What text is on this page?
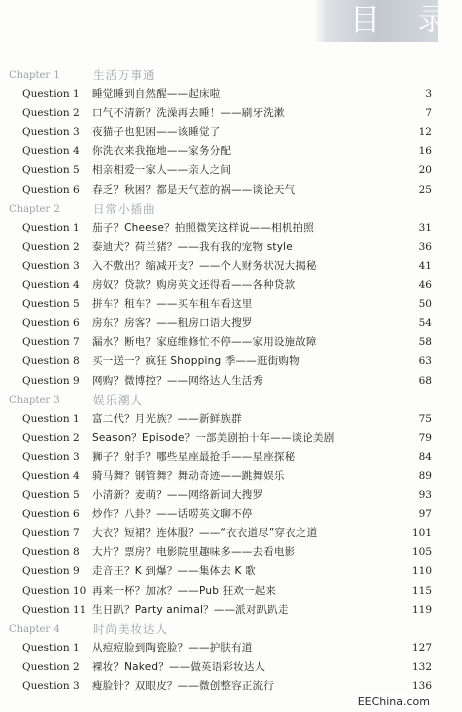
目 录
Chapter 1	生活万事通
Question 1 睡觉睡到自然醒——起床啦	3
Question 2 口气不清新？洗澡再去睡！——刷牙洗漱	7
Question 3 夜猫子也犯困——该睡觉了	12
Question 4 你洗衣来我拖地——家务分配	16
Question 5 相亲相爱一家人——亲人之间	20
Question 6 春乏？秋困？都是天气惹的祸——谈论天气	25
Chapter 2	日常小插曲
Question 1 茄子？Cheese？拍照微笑这样说——相机拍照	31
Question 2 泰迪犬？荷兰猪？——我有我的宠物 style	36
Question 3 入不敷出？缩减开支？——个人财务状况大揭秘	41
Question 4 房奴？贷款？购房英文还得看——各种贷款	46
Question 5 拼车？租车？——买车租车看这里	50
Question 6 房东？房客？——租房口语大搜罗	54
Question 7 漏水？断电？家庭维修忙不停——家用设施故障	58
Question 8 买一送一？疯狂 Shopping 季——逛街购物	63
Question 9 网购？微博控？——网络达人生活秀	68
Chapter 3	娱乐潮人
Question 1 富二代？月光族？——新鲜族群	75
Question 2 Season？Episode？一部美剧拍十年——谈论美剧	79
Question 3 狮子？射手？哪些星座最抢手——星座探秘	84
Question 4 骑马舞？钢管舞？舞动奇迹——跳舞娱乐	89
Question 5 小清新？麦萌？——网络新词大搜罗	93
Question 6 炒作？八卦？——话唠英文聊不停	97
Question 7 大衣？短裙？连体服？——“衣衣道尽”穿衣之道	101
Question 8 大片？票房？电影院里趣味多——去看电影	105
Question 9 走音王？K 到爆？——集体去 K 歌	110
Question 10 再来一杯？加冰？——Pub 狂欢一起来	115
Question 11 生日趴？Party animal？——派对趴趴走	119
Chapter 4	时尚美妆达人
Question 1 从痘痘脸到陶瓷脸？——护肤有道	127
Question 2 裸妆？Naked？——做英语彩妆达人	132
Question 3 瘦脸针？双眼皮？——微创整容正流行	136
EEChina.com
